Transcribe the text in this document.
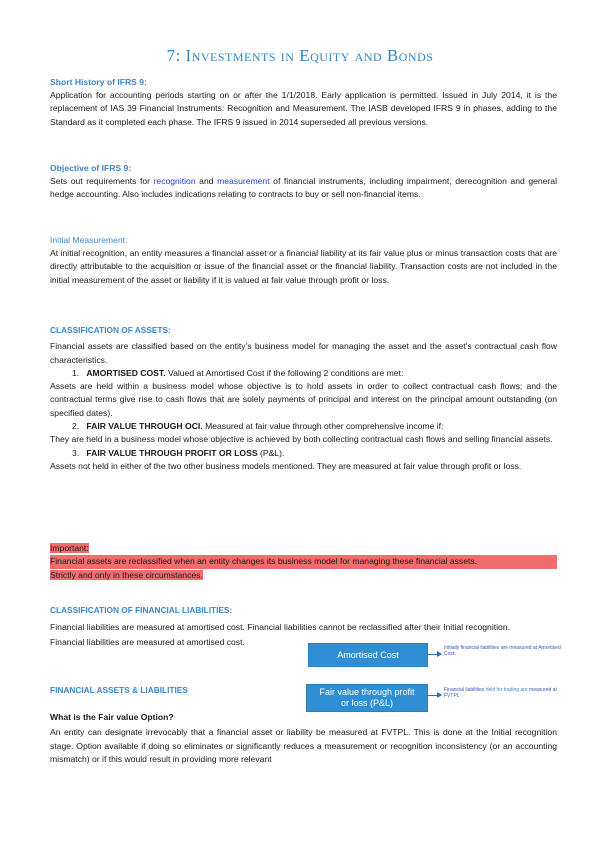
7: Investments in Equity and Bonds
Short History of IFRS 9:
Application for accounting periods starting on or after the 1/1/2018. Early application is permitted. Issued in July 2014, it is the replacement of IAS 39 Financial Instruments: Recognition and Measurement. The IASB developed IFRS 9 in phases, adding to the Standard as it completed each phase. The IFRS 9 issued in 2014 superseded all previous versions.
Objective of IFRS 9:
Sets out requirements for recognition and measurement of financial instruments, including impairment, derecognition and general hedge accounting. Also includes indications relating to contracts to buy or sell non-financial items.
Initial Measurement:
At initial recognition, an entity measures a financial asset or a financial liability at its fair value plus or minus transaction costs that are directly attributable to the acquisition or issue of the financial asset or the financial liability. Transaction costs are not included in the initial measurement of the asset or liability if it is valued at fair value through profit or loss.
CLASSIFICATION OF ASSETS:
Financial assets are classified based on the entity's business model for managing the asset and the asset's contractual cash flow characteristics.
1. AMORTISED COST. Valued at Amortised Cost if the following 2 conditions are met:
Assets are held within a business model whose objective is to hold assets in order to collect contractual cash flows; and the contractual terms give rise to cash flows that are solely payments of principal and interest on the principal amount outstanding (on specified dates).
2. FAIR VALUE THROUGH OCI. Measured at fair value through other comprehensive income if:
They are held in a business model whose objective is achieved by both collecting contractual cash flows and selling financial assets.
3. FAIR VALUE THROUGH PROFIT OR LOSS (P&L).
Assets not held in either of the two other business models mentioned. They are measured at fair value through profit or loss.
Important:
Financial assets are reclassified when an entity changes its business model for managing these financial assets.
Strictly and only in these circumstances.
CLASSIFICATION OF FINANCIAL LIABILITIES:
Financial liabilities are measured at amortised cost. Financial liabilities cannot be reclassified after their Initial recognition.
Financial liabilities are measured at amortised cost.
FINANCIAL ASSETS & LIABILITIES
What is the Fair value Option?
An entity can designate irrevocably that a financial asset or liability be measured at FVTPL. This is done at the Initial recognition stage. Option available if doing so eliminates or significantly reduces a measurement or recognition inconsistency (or an accounting mismatch) or if this would result in providing more relevant
Amortised Cost
Initially financial liabilities are measured at Amortised Cost.
Fair value through profit
or loss (P&L)
Financial liabilities held for trading are measured at FVTPL
